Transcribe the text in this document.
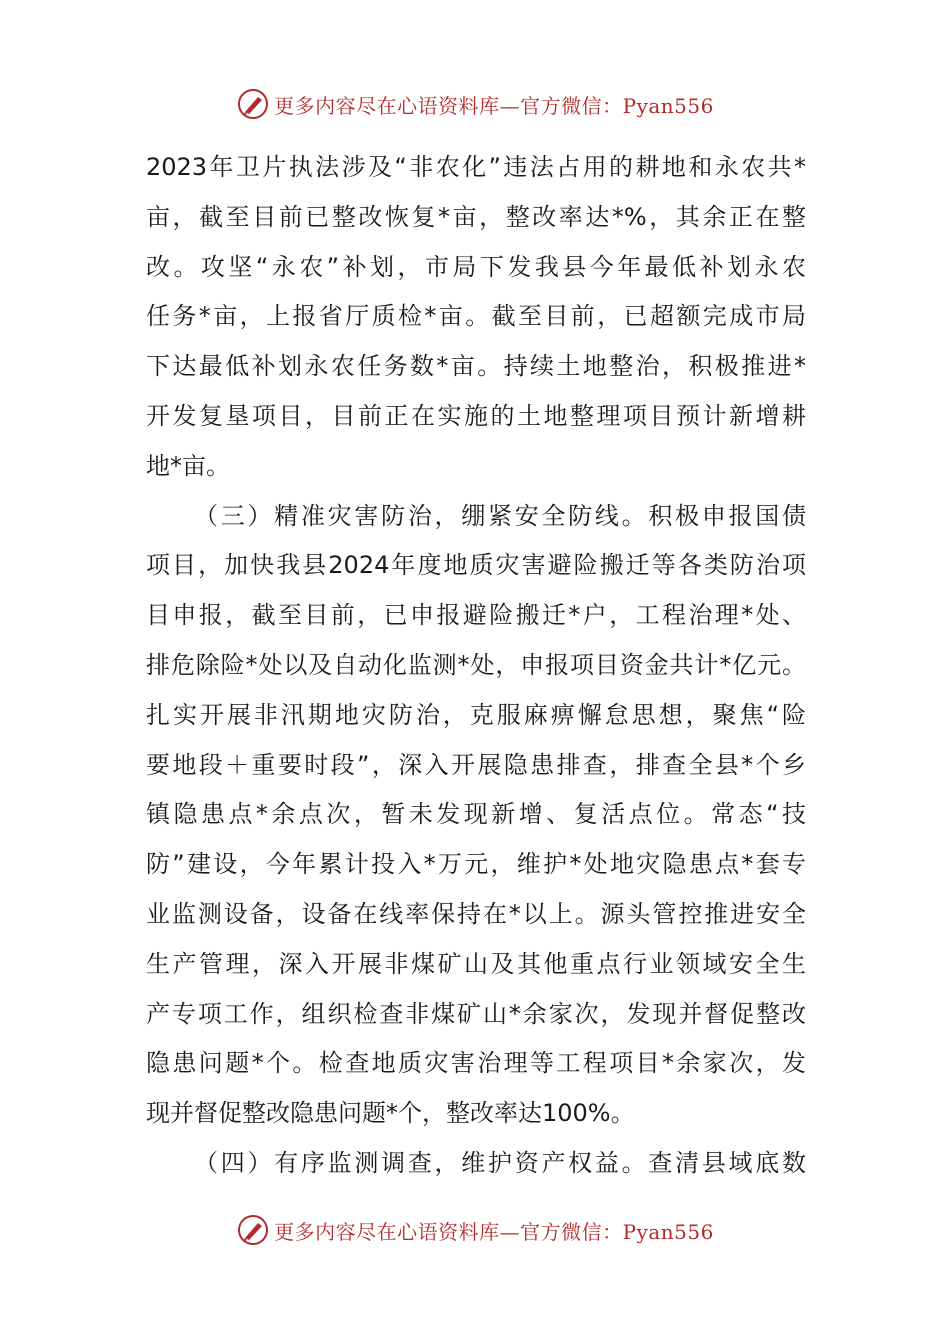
更多内容尽在心语资料库—官方微信：Pyan556
2023年卫片执法涉及“非农化”违法占用的耕地和永农共*
亩，截至目前已整改恢复*亩，整改率达*%，其余正在整
改。攻坚“永农”补划，市局下发我县今年最低补划永农
任务*亩，上报省厅质检*亩。截至目前，已超额完成市局
下达最低补划永农任务数*亩。持续土地整治，积极推进*
开发复垦项目，目前正在实施的土地整理项目预计新增耕
地*亩。
（三）精准灾害防治，绷紧安全防线。积极申报国债
项目，加快我县2024年度地质灾害避险搬迁等各类防治项
目申报，截至目前，已申报避险搬迁*户，工程治理*处、
排危除险*处以及自动化监测*处，申报项目资金共计*亿元。
扎实开展非汛期地灾防治，克服麻痹懈怠思想，聚焦“险
要地段＋重要时段”，深入开展隐患排查，排查全县*个乡
镇隐患点*余点次，暂未发现新增、复活点位。常态“技
防”建设，今年累计投入*万元，维护*处地灾隐患点*套专
业监测设备，设备在线率保持在*以上。源头管控推进安全
生产管理，深入开展非煤矿山及其他重点行业领域安全生
产专项工作，组织检查非煤矿山*余家次，发现并督促整改
隐患问题*个。检查地质灾害治理等工程项目*余家次，发
现并督促整改隐患问题*个，整改率达100%。
（四）有序监测调查，维护资产权益。查清县域底数
更多内容尽在心语资料库—官方微信：Pyan556
